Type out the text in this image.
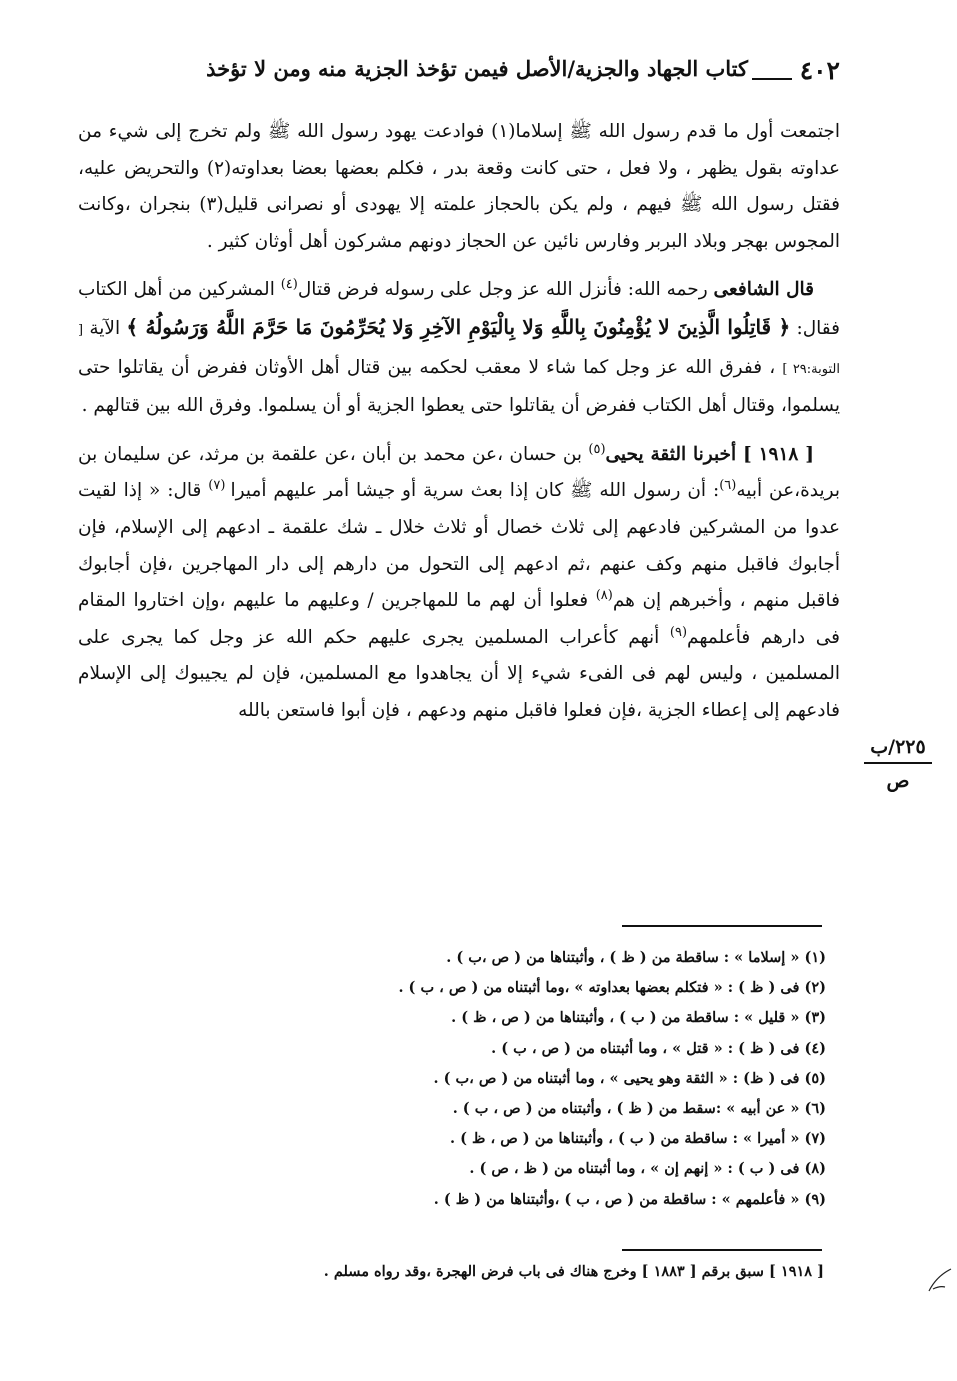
٤٠٢
كتاب الجهاد والجزية/الأصل فيمن تؤخذ الجزية منه ومن لا تؤخذ

اجتمعت أول ما قدم رسول الله ﷺ إسلاما(١) فوادعت يهود رسول الله ﷺ ولم تخرج إلى شيء من عداوته بقول يظهر ، ولا فعل ، حتى كانت وقعة بدر ، فكلم بعضها بعضا بعداوته(٢) والتحريض عليه، فقتل رسول الله ﷺ فيهم ، ولم يكن بالحجاز علمته إلا يهودى أو نصرانى قليل(٣) بنجران ،وكانت المجوس بهجر وبلاد البربر وفارس نائين عن الحجاز دونهم مشركون أهل أوثان كثير .

قال الشافعى رحمه الله: فأنزل الله عز وجل على رسوله فرض قتال$^{(٤)}$ المشركين من أهل الكتاب فقال: ﴿ قَاتِلُوا الَّذِينَ لا يُؤْمِنُونَ بِاللَّهِ وَلا بِالْيَوْمِ الآخِرِ وَلا يُحَرِّمُونَ مَا حَرَّمَ اللَّهُ وَرَسُولُهُ ﴾ الآية [ التوبة:٢٩ ] ، ففرق الله عز وجل كما شاء لا معقب لحكمه بين قتال أهل الأوثان ففرض أن يقاتلوا حتى يسلموا، وقتال أهل الكتاب ففرض أن يقاتلوا حتى يعطوا الجزية أو أن يسلموا. وفرق الله بين قتالهم .

[ ١٩١٨ ] أخبرنا الثقة يحيى$^{(٥)}$ بن حسان ،عن محمد بن أبان ،عن علقمة بن مرثد، عن سليمان بن بريدة،عن أبيه$^{(٦)}$: أن رسول الله ﷺ كان إذا بعث سرية أو جيشا أمر عليهم أميرا $^{(٧)}$ قال: « إذا لقيت عدوا من المشركين فادعهم إلى ثلاث خصال أو ثلاث خلال ـ شك علقمة ـ ادعهم إلى الإسلام، فإن أجابوك فاقبل منهم وكف عنهم ،ثم ادعهم إلى التحول من دارهم إلى دار المهاجرين ،فإن أجابوك فاقبل منهم ، وأخبرهم إن هم$^{(٨)}$ فعلوا أن لهم ما للمهاجرين / وعليهم ما عليهم ،وإن اختاروا المقام فى دارهم فأعلمهم$^{(٩)}$ أنهم كأعراب المسلمين يجرى عليهم حكم الله عز وجل كما يجرى على المسلمين ، وليس لهم فى الفىء شيء إلا أن يجاهدوا مع المسلمين، فإن لم يجيبوك إلى الإسلام فادعهم إلى إعطاء الجزية ،فإن فعلوا فاقبل منهم ودعهم ، فإن أبوا فاستعن بالله

٢٢٥/ب
ص
(١) « إسلاما » : ساقطة من ( ظ ) ، وأثبتناها من ( ص ،ب ) .
(٢) فى ( ظ ) : « فتكلم بعضها بعداوته » ،وما أثبتناه من ( ص ، ب ) .
(٣) « قليل » : ساقطة من ( ب ) ، وأثبتناها من ( ص ، ظ ) .
(٤) فى ( ظ ) : « قتل » ، وما أثبتناه من ( ص ، ب ) .
(٥) فى ( ظ) : « الثقة وهو يحيى » ، وما أثبتناه من ( ص ،ب ) .
(٦) « عن أبيه » :سقط من ( ظ ) ، وأثبتناه من ( ص ، ب ) .
(٧) « أميرا » : ساقطة من ( ب ) ، وأثبتناها من ( ص ، ظ ) .
(٨) فى ( ب ) : « إنهم إن » ، وما أثبتناه من ( ظ ، ص ) .
(٩) « فأعلمهم » : ساقطة من ( ص ، ب ) ،وأثبتناها من ( ظ ) .
[ ١٩١٨ ] سبق برقم [ ١٨٨٣ ] وخرج هناك فى باب فرض الهجرة ،وقد رواه مسلم .
